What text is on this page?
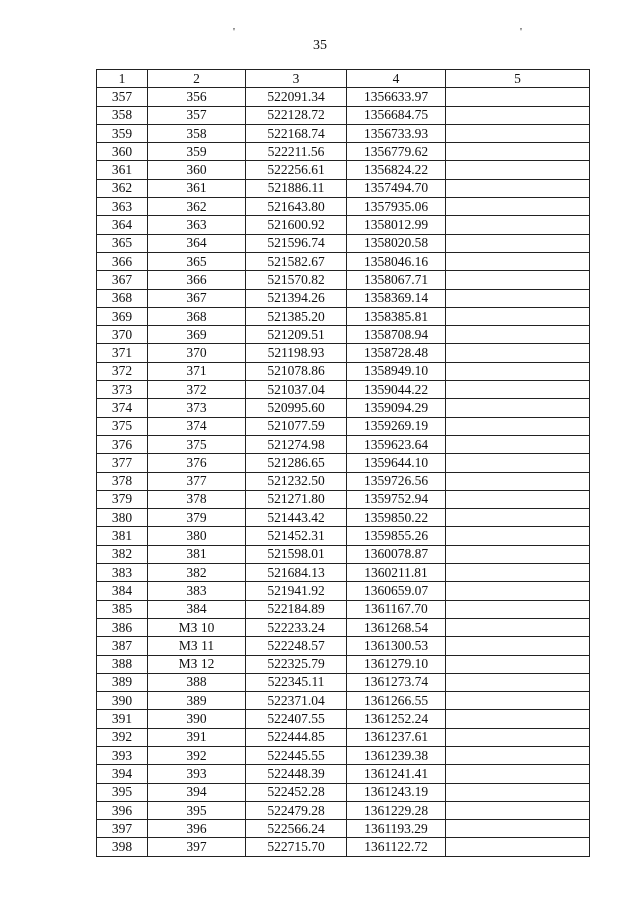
'	'
35
1	2	3	4	5
357	356	522091.34	1356633.97	
358	357	522128.72	1356684.75	
359	358	522168.74	1356733.93	
360	359	522211.56	1356779.62	
361	360	522256.61	1356824.22	
362	361	521886.11	1357494.70	
363	362	521643.80	1357935.06	
364	363	521600.92	1358012.99	
365	364	521596.74	1358020.58	
366	365	521582.67	1358046.16	
367	366	521570.82	1358067.71	
368	367	521394.26	1358369.14	
369	368	521385.20	1358385.81	
370	369	521209.51	1358708.94	
371	370	521198.93	1358728.48	
372	371	521078.86	1358949.10	
373	372	521037.04	1359044.22	
374	373	520995.60	1359094.29	
375	374	521077.59	1359269.19	
376	375	521274.98	1359623.64	
377	376	521286.65	1359644.10	
378	377	521232.50	1359726.56	
379	378	521271.80	1359752.94	
380	379	521443.42	1359850.22	
381	380	521452.31	1359855.26	
382	381	521598.01	1360078.87	
383	382	521684.13	1360211.81	
384	383	521941.92	1360659.07	
385	384	522184.89	1361167.70	
386	МЗ 10	522233.24	1361268.54	
387	МЗ 11	522248.57	1361300.53	
388	МЗ 12	522325.79	1361279.10	
389	388	522345.11	1361273.74	
390	389	522371.04	1361266.55	
391	390	522407.55	1361252.24	
392	391	522444.85	1361237.61	
393	392	522445.55	1361239.38	
394	393	522448.39	1361241.41	
395	394	522452.28	1361243.19	
396	395	522479.28	1361229.28	
397	396	522566.24	1361193.29	
398	397	522715.70	1361122.72	
